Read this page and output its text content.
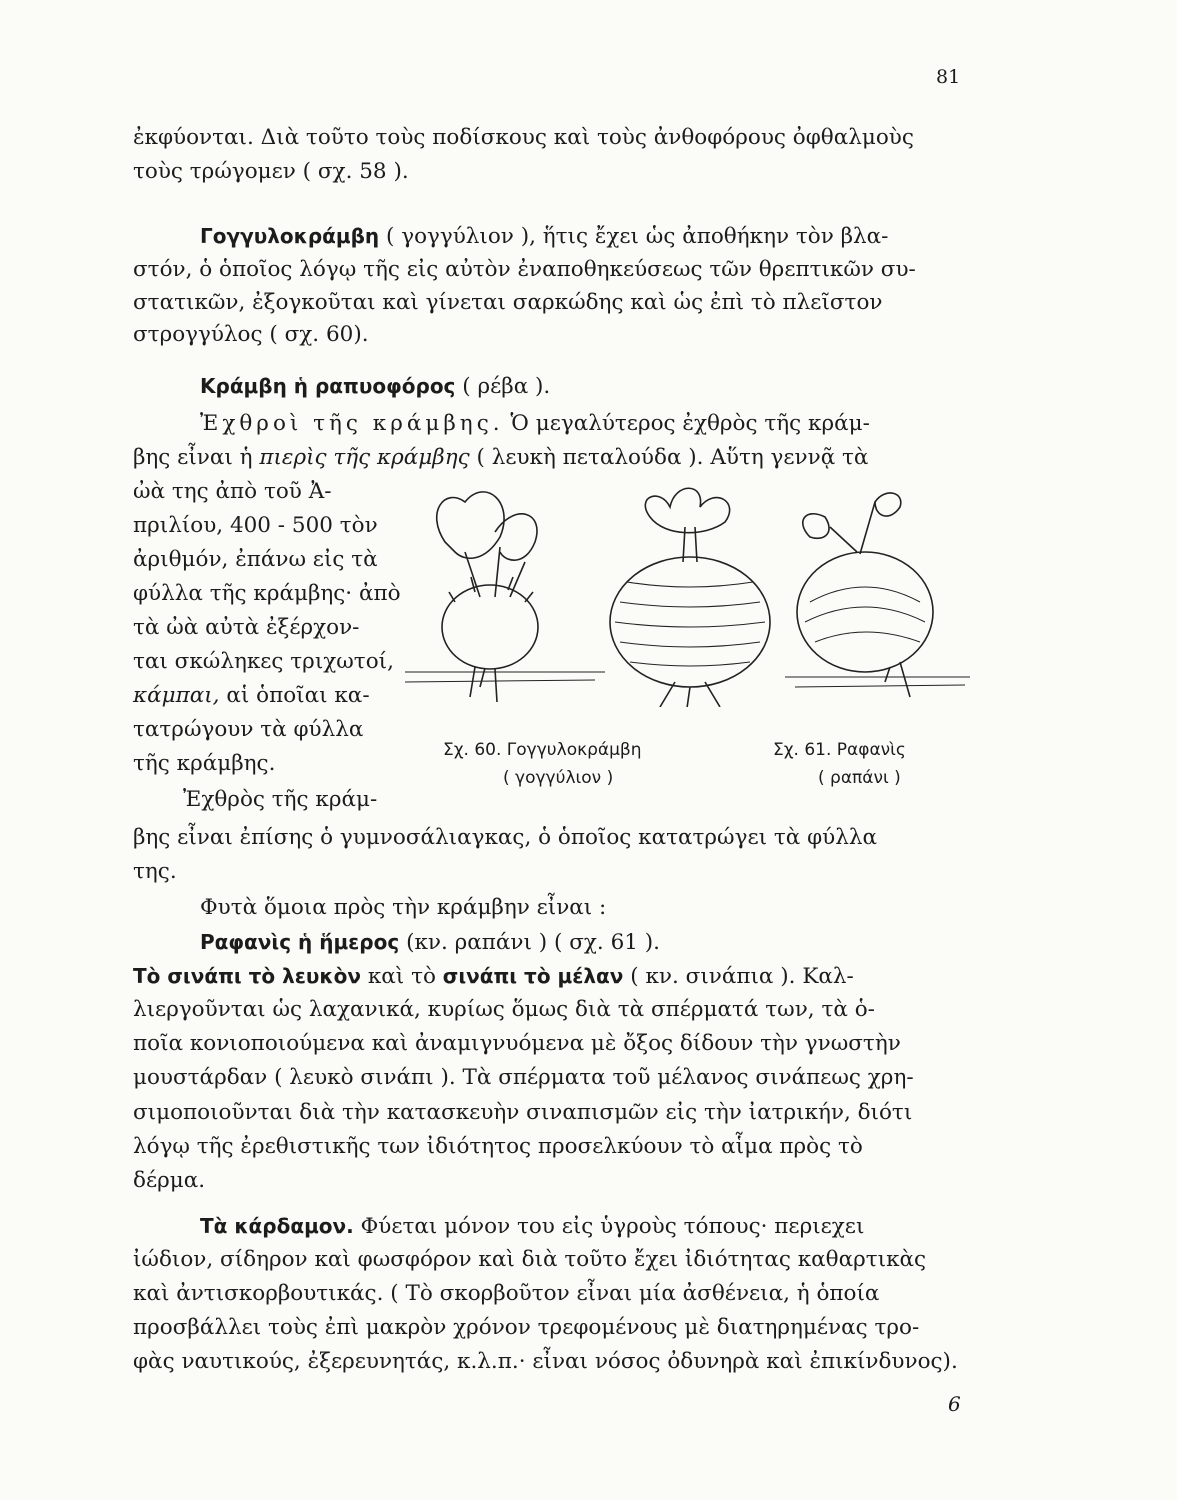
81
ἐκφύονται. Διὰ τοῦτο τοὺς ποδίσκους καὶ τοὺς ἀνθοφόρους ὀφθαλμοὺς
τοὺς τρώγομεν ( σχ. 58 ).
Γογγυλοκράμβη ( γογγύλιον ), ἥτις ἔχει ὡς ἀποθήκην τὸν βλα-
στόν, ὁ ὁποῖος λόγῳ τῆς εἰς αὐτὸν ἐναποθηκεύσεως τῶν θρεπτικῶν συ-
στατικῶν, ἐξογκοῦται καὶ γίνεται σαρκώδης καὶ ὡς ἐπὶ τὸ πλεῖστον
στρογγύλος ( σχ. 60).
Κράμβη ἡ ραπυοφόρος ( ρέβα ).
Ἐχθροὶ τῆς κράμβης. Ὁ μεγαλύτερος ἐχθρὸς τῆς κράμ-
βης εἶναι ἡ πιερὶς τῆς κράμβης ( λευκὴ πεταλούδα ). Αὕτη γεννᾷ τὰ
ὠὰ της ἀπὸ τοῦ Ἀ-
πριλίου, 400 - 500 τὸν
ἀριθμόν, ἐπάνω εἰς τὰ
φύλλα τῆς κράμβης· ἀπὸ
τὰ ὠὰ αὐτὰ ἐξέρχον-
ται σκώληκες τριχωτοί,
κάμπαι, αἱ ὁποῖαι κα-
τατρώγουν τὰ φύλλα
τῆς κράμβης.
Ἐχθρὸς τῆς κράμ-
Σχ. 60. Γογγυλοκράμβη
( γογγύλιον )
Σχ. 61. Ραφανὶς
( ραπάνι )
βης εἶναι ἐπίσης ὁ γυμνοσάλιαγκας, ὁ ὁποῖος κατατρώγει τὰ φύλλα
της.
Φυτὰ ὅμοια πρὸς τὴν κράμβην εἶναι :
Ραφανὶς ἡ ἥμερος (κν. ραπάνι ) ( σχ. 61 ).
Τὸ σινάπι τὸ λευκὸν καὶ τὸ σινάπι τὸ μέλαν ( κν. σινάπια ). Καλ-
λιεργοῦνται ὡς λαχανικά, κυρίως ὅμως διὰ τὰ σπέρματά των, τὰ ὁ-
ποῖα κονιοποιούμενα καὶ ἀναμιγνυόμενα μὲ ὄξος δίδουν τὴν γνωστὴν
μουστάρδαν ( λευκὸ σινάπι ). Τὰ σπέρματα τοῦ μέλανος σινάπεως χρη-
σιμοποιοῦνται διὰ τὴν κατασκευὴν σιναπισμῶν εἰς τὴν ἰατρικήν, διότι
λόγῳ τῆς ἐρεθιστικῆς των ἰδιότητος προσελκύουν τὸ αἷμα πρὸς τὸ
δέρμα.
Τὰ κάρδαμον. Φύεται μόνον του εἰς ὑγροὺς τόπους· περιεχει
ἰώδιον, σίδηρον καὶ φωσφόρον καὶ διὰ τοῦτο ἔχει ἰδιότητας καθαρτικὰς
καὶ ἀντισκορβουτικάς. ( Τὸ σκορβοῦτον εἶναι μία ἀσθένεια, ἡ ὁποία
προσβάλλει τοὺς ἐπὶ μακρὸν χρόνον τρεφομένους μὲ διατηρημένας τρο-
φὰς ναυτικούς, ἐξερευνητάς, κ.λ.π.· εἶναι νόσος ὀδυνηρὰ καὶ ἐπικίνδυνος).
6
